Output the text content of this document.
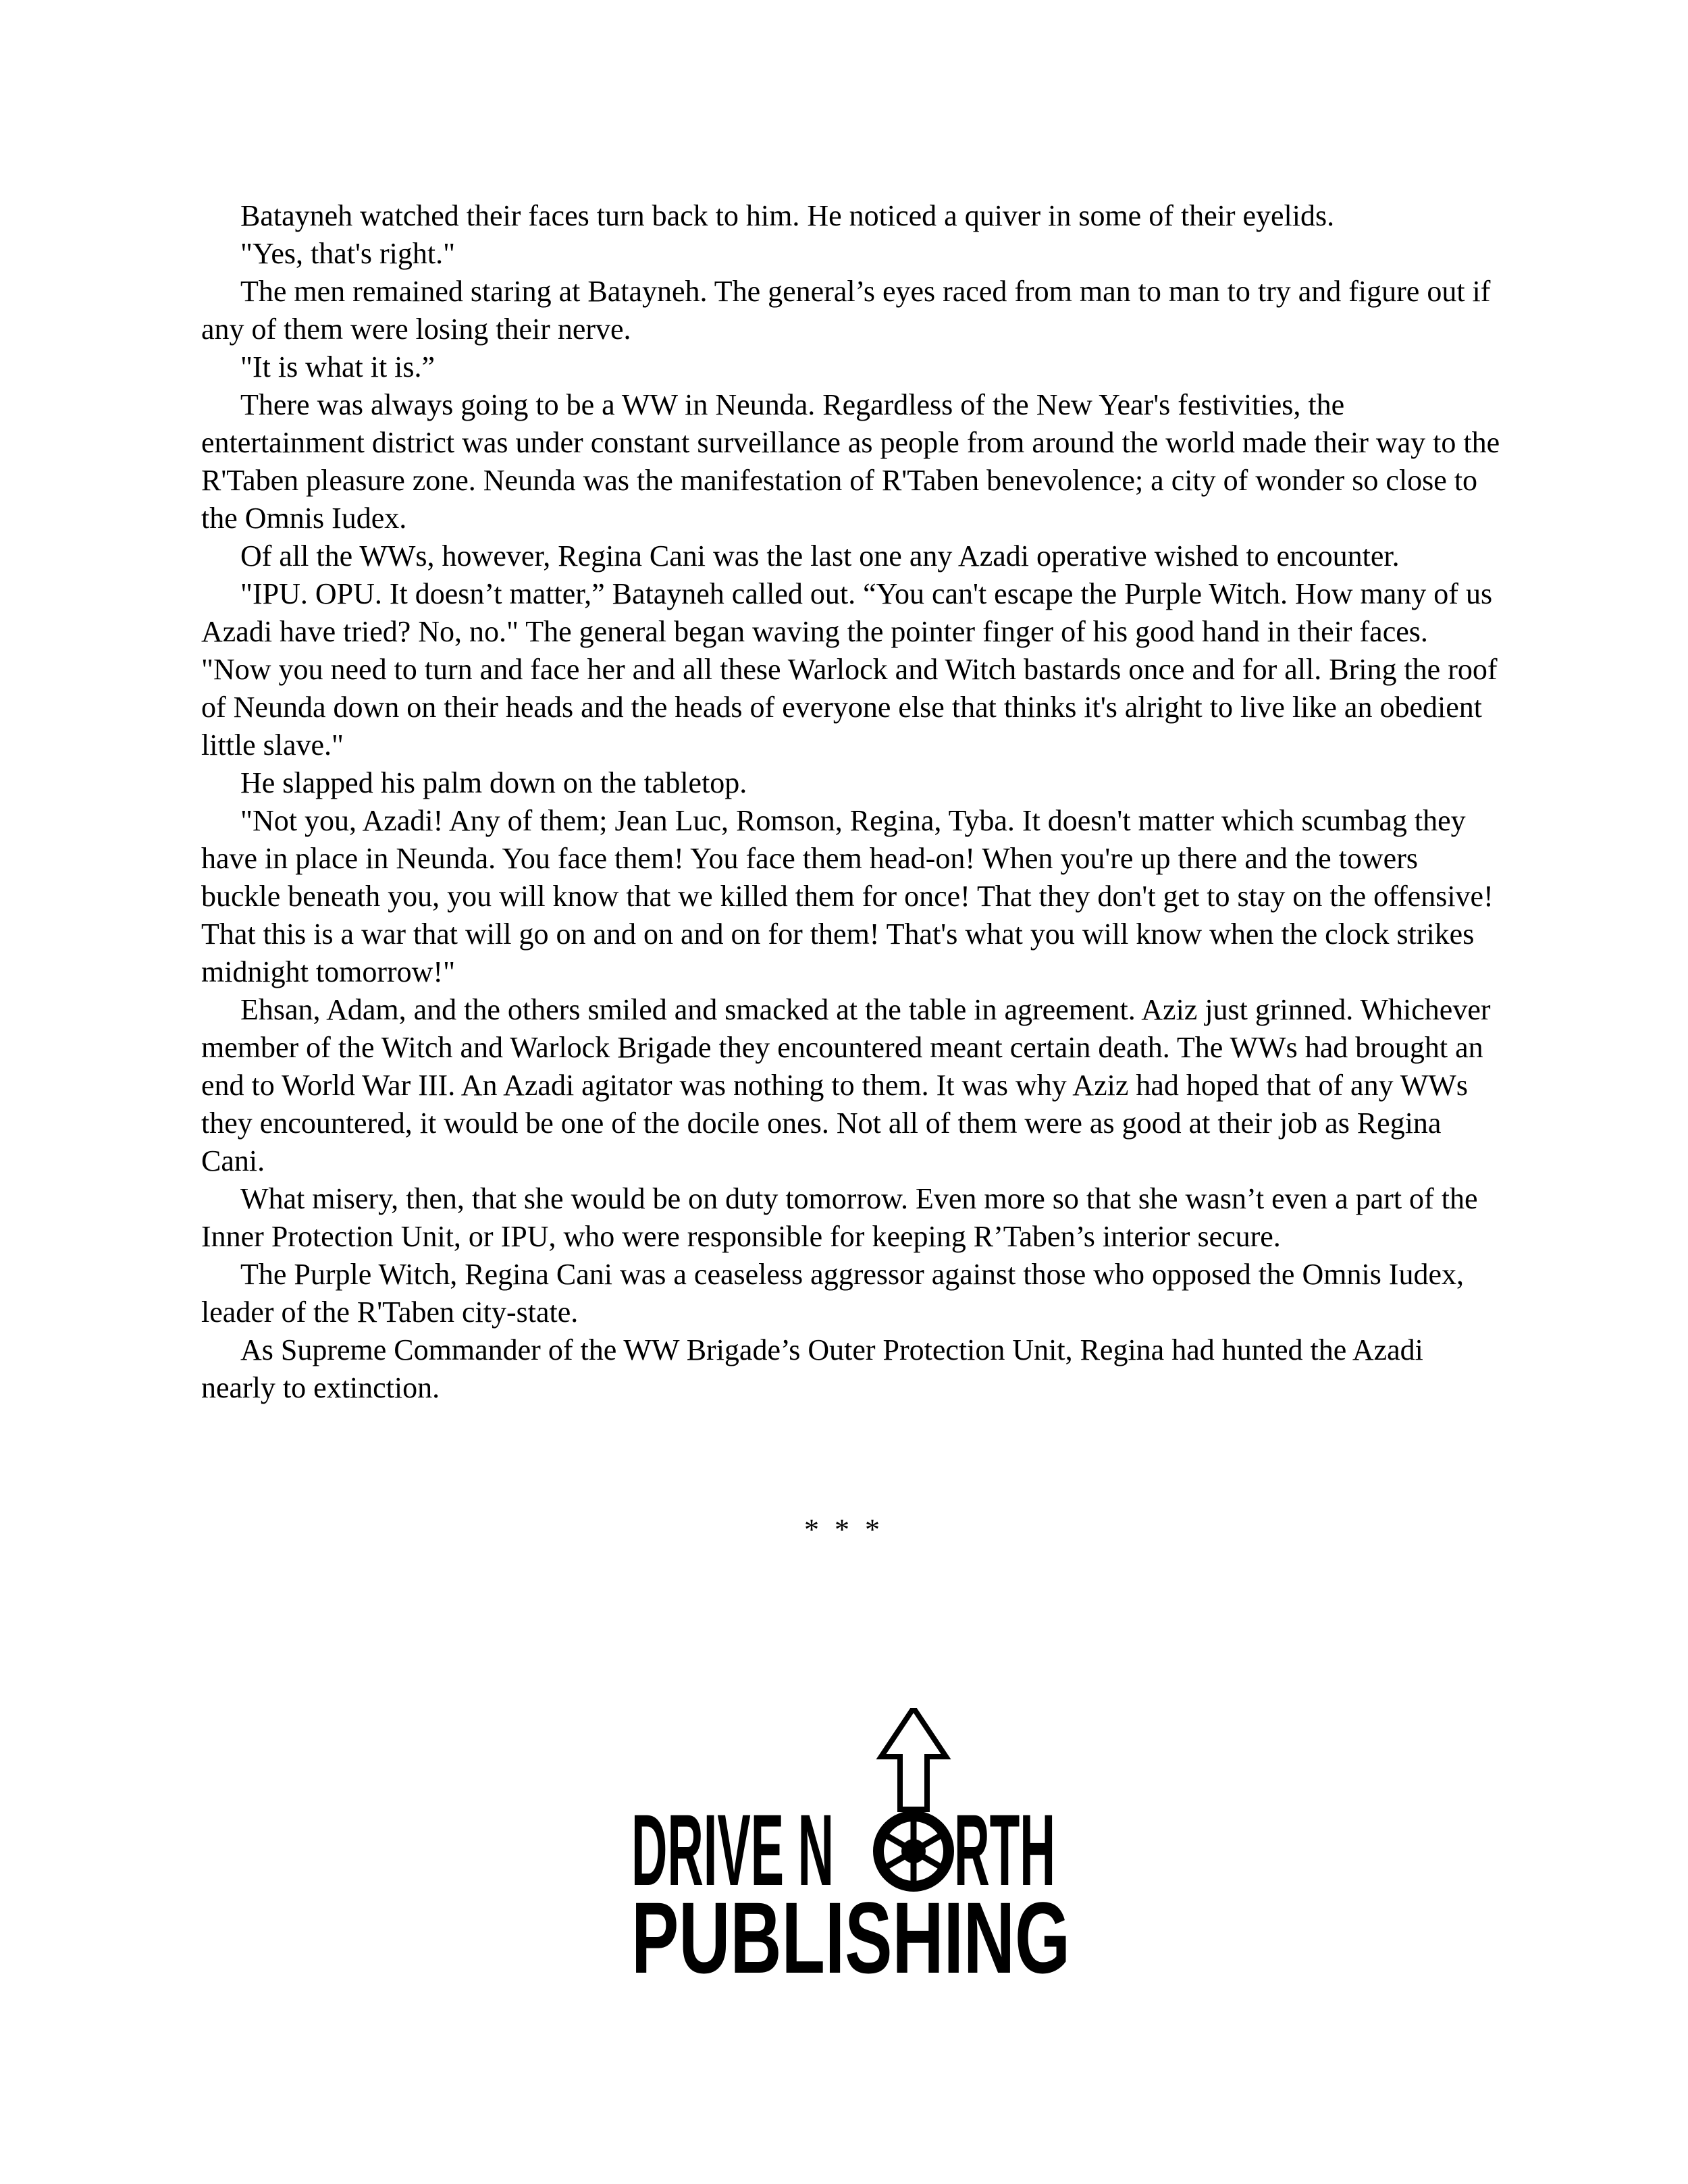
Batayneh watched their faces turn back to him. He noticed a quiver in some of their eyelids.

"Yes, that's right."

The men remained staring at Batayneh. The general’s eyes raced from man to man to try and figure out if any of them were losing their nerve.

"It is what it is.”

There was always going to be a WW in Neunda. Regardless of the New Year's festivities, the entertainment district was under constant surveillance as people from around the world made their way to the R'Taben pleasure zone. Neunda was the manifestation of R'Taben benevolence; a city of wonder so close to the Omnis Iudex.

Of all the WWs, however, Regina Cani was the last one any Azadi operative wished to encounter.

"IPU. OPU. It doesn’t matter,” Batayneh called out. “You can't escape the Purple Witch. How many of us Azadi have tried? No, no." The general began waving the pointer finger of his good hand in their faces. "Now you need to turn and face her and all these Warlock and Witch bastards once and for all. Bring the roof of Neunda down on their heads and the heads of everyone else that thinks it's alright to live like an obedient little slave."

He slapped his palm down on the tabletop.

"Not you, Azadi! Any of them; Jean Luc, Romson, Regina, Tyba. It doesn't matter which scumbag they have in place in Neunda. You face them! You face them head-on! When you're up there and the towers buckle beneath you, you will know that we killed them for once! That they don't get to stay on the offensive! That this is a war that will go on and on and on for them! That's what you will know when the clock strikes midnight tomorrow!"

Ehsan, Adam, and the others smiled and smacked at the table in agreement. Aziz just grinned. Whichever member of the Witch and Warlock Brigade they encountered meant certain death. The WWs had brought an end to World War III. An Azadi agitator was nothing to them. It was why Aziz had hoped that of any WWs they encountered, it would be one of the docile ones. Not all of them were as good at their job as Regina Cani.

What misery, then, that she would be on duty tomorrow. Even more so that she wasn’t even a part of the Inner Protection Unit, or IPU, who were responsible for keeping R’Taben’s interior secure.

The Purple Witch, Regina Cani was a ceaseless aggressor against those who opposed the Omnis Iudex, leader of the R'Taben city-state.

As Supreme Commander of the WW Brigade’s Outer Protection Unit, Regina had hunted the Azadi nearly to extinction.

* * *
DRIVE N RTH
PUBLISHING
